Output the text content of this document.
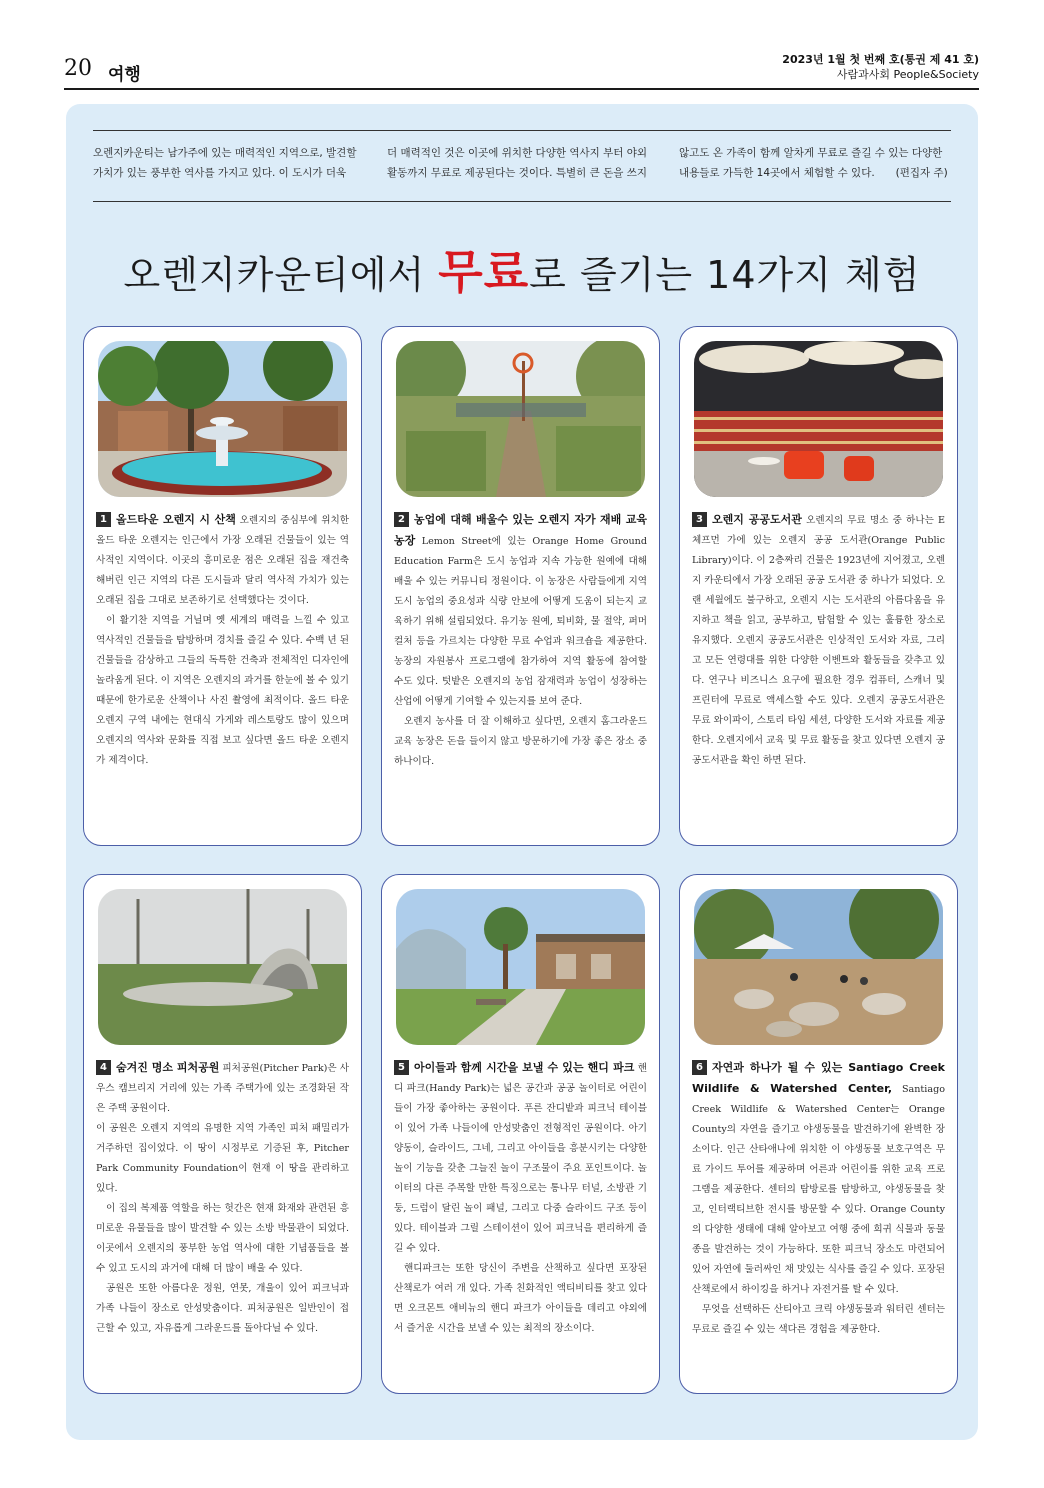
20 여행
2023년 1월 첫 번째 호(통권 제 41 호)
사람과사회 People&Society

오렌지카운티는 남가주에 있는 매력적인 지역으로, 발견할 가치가 있는 풍부한 역사를 가지고 있다. 이 도시가 더욱

더 매력적인 것은 이곳에 위치한 다양한 역사지 부터 야외 활동까지 무료로 제공된다는 것이다. 특별히 큰 돈을 쓰지

않고도 온 가족이 함께 알차게 무료로 즐길 수 있는 다양한 내용들로 가득한 14곳에서 체험할 수 있다.　　(편집자 주)

오렌지카운티에서 무료로 즐기는 14가지 체험

1 올드타운 오렌지 시 산책 오렌지의 중심부에 위치한 올드 타운 오렌지는 인근에서 가장 오래된 건물들이 있는 역사적인 지역이다. 이곳의 흥미로운 점은 오래된 집을 재건축 해버린 인근 지역의 다른 도시들과 달리 역사적 가치가 있는 오래된 집을 그대로 보존하기로 선택했다는 것이다.

이 활기찬 지역을 거닐며 옛 세계의 매력을 느낄 수 있고 역사적인 건물들을 탐방하며 경치를 즐길 수 있다. 수백 년 된 건물들을 감상하고 그들의 독특한 건축과 전체적인 디자인에 놀라움게 된다. 이 지역은 오렌지의 과거를 한눈에 볼 수 있기 때문에 한가로운 산책이나 사진 촬영에 최적이다. 올드 타운 오렌지 구역 내에는 현대식 가게와 레스토랑도 많이 있으며 오렌지의 역사와 문화를 직접 보고 싶다면 올드 타운 오렌지가 제격이다.

2 농업에 대해 배울수 있는 오렌지 자가 재배 교육 농장 Lemon Street에 있는 Orange Home Ground Education Farm은 도시 농업과 지속 가능한 원예에 대해 배울 수 있는 커뮤니티 정원이다. 이 농장은 사람들에게 지역 도시 농업의 중요성과 식량 안보에 어떻게 도움이 되는지 교육하기 위해 설립되었다. 유기농 원예, 퇴비화, 물 절약, 퍼머컬처 등을 가르치는 다양한 무료 수업과 워크숍을 제공한다. 농장의 자원봉사 프로그램에 참가하여 지역 활동에 참여할 수도 있다. 텃밭은 오렌지의 농업 잠재력과 농업이 성장하는 산업에 어떻게 기여할 수 있는지를 보여 준다.

오렌지 농사를 더 잘 이해하고 싶다면, 오렌지 홈그라운드 교육 농장은 돈을 들이지 않고 방문하기에 가장 좋은 장소 중 하나이다.

3 오렌지 공공도서관 오렌지의 무료 명소 중 하나는 E체프먼 가에 있는 오렌지 공공 도서관(Orange Public Library)이다. 이 2층짜리 건물은 1923년에 지어졌고, 오렌지 카운티에서 가장 오래된 공공 도서관 중 하나가 되었다. 오랜 세월에도 불구하고, 오렌지 시는 도서관의 아름다움을 유지하고 책을 읽고, 공부하고, 탐험할 수 있는 훌륭한 장소로 유지했다. 오렌지 공공도서관은 인상적인 도서와 자료, 그리고 모든 연령대를 위한 다양한 이벤트와 활동들을 갖추고 있다. 연구나 비즈니스 요구에 필요한 경우 컴퓨터, 스캐너 및 프린터에 무료로 액세스할 수도 있다. 오렌지 공공도서관은 무료 와이파이, 스토리 타임 세션, 다양한 도서와 자료를 제공한다. 오렌지에서 교육 및 무료 활동을 찾고 있다면 오렌지 공공도서관을 확인 하면 된다.

4 숨겨진 명소 피처공원 피처공원(Pitcher Park)은 사우스 캠브리지 거리에 있는 가족 주택가에 있는 조경화된 작은 주택 공원이다.

이 공원은 오렌지 지역의 유명한 지역 가족인 피처 패밀리가 거주하던 집이었다. 이 땅이 시정부로 기증된 후, Pitcher Park Community Foundation이 현재 이 땅을 관리하고 있다.

이 집의 복제품 역할을 하는 헛간은 현재 화재와 관련된 흥미로운 유물들을 많이 발견할 수 있는 소방 박물관이 되었다. 이곳에서 오렌지의 풍부한 농업 역사에 대한 기념품들을 볼 수 있고 도시의 과거에 대해 더 많이 배울 수 있다.

공원은 또한 아름다운 정원, 연못, 개울이 있어 피크닉과 가족 나들이 장소로 안성맞춤이다. 피처공원은 일반인이 접근할 수 있고, 자유롭게 그라운드를 돌아다닐 수 있다.

5 아이들과 함께 시간을 보낼 수 있는 핸디 파크 핸디 파크(Handy Park)는 넓은 공간과 공공 놀이터로 어린이들이 가장 좋아하는 공원이다. 푸른 잔디밭과 피크닉 테이블이 있어 가족 나들이에 안성맞춤인 전형적인 공원이다. 아기 양동이, 슬라이드, 그네, 그리고 아이들을 흥분시키는 다양한 놀이 기능을 갖춘 그늘진 놀이 구조물이 주요 포인트이다. 놀이터의 다른 주목할 만한 특징으로는 통나무 터널, 소방관 기둥, 드럼이 달린 놀이 패널, 그리고 다중 슬라이드 구조 등이 있다. 테이블과 그릴 스테이션이 있어 피크닉을 편리하게 즐길 수 있다.

핸디파크는 또한 당신이 주변을 산책하고 싶다면 포장된 산책로가 여러 개 있다. 가족 친화적인 액티비티를 찾고 있다면 오크몬트 애비뉴의 핸디 파크가 아이들을 데리고 야외에서 즐거운 시간을 보낼 수 있는 최적의 장소이다.

6 자연과 하나가 될 수 있는 Santiago Creek Wildlife & Watershed Center, Santiago Creek Wildlife & Watershed Center는 Orange County의 자연을 즐기고 야생동물을 발견하기에 완벽한 장소이다. 인근 산타애나에 위치한 이 야생동물 보호구역은 무료 가이드 투어를 제공하며 어른과 어린이를 위한 교육 프로그램을 제공한다. 센터의 탐방로를 탐방하고, 야생동물을 찾고, 인터랙티브한 전시를 방문할 수 있다. Orange County의 다양한 생태에 대해 알아보고 여행 중에 희귀 식물과 동물 종을 발견하는 것이 가능하다. 또한 피크닉 장소도 마련되어 있어 자연에 둘러싸인 채 맛있는 식사를 즐길 수 있다. 포장된 산책로에서 하이킹을 하거나 자전거를 탈 수 있다.

무엇을 선택하든 산티아고 크릭 야생동물과 워터린 센터는 무료로 즐길 수 있는 색다른 경험을 제공한다.
